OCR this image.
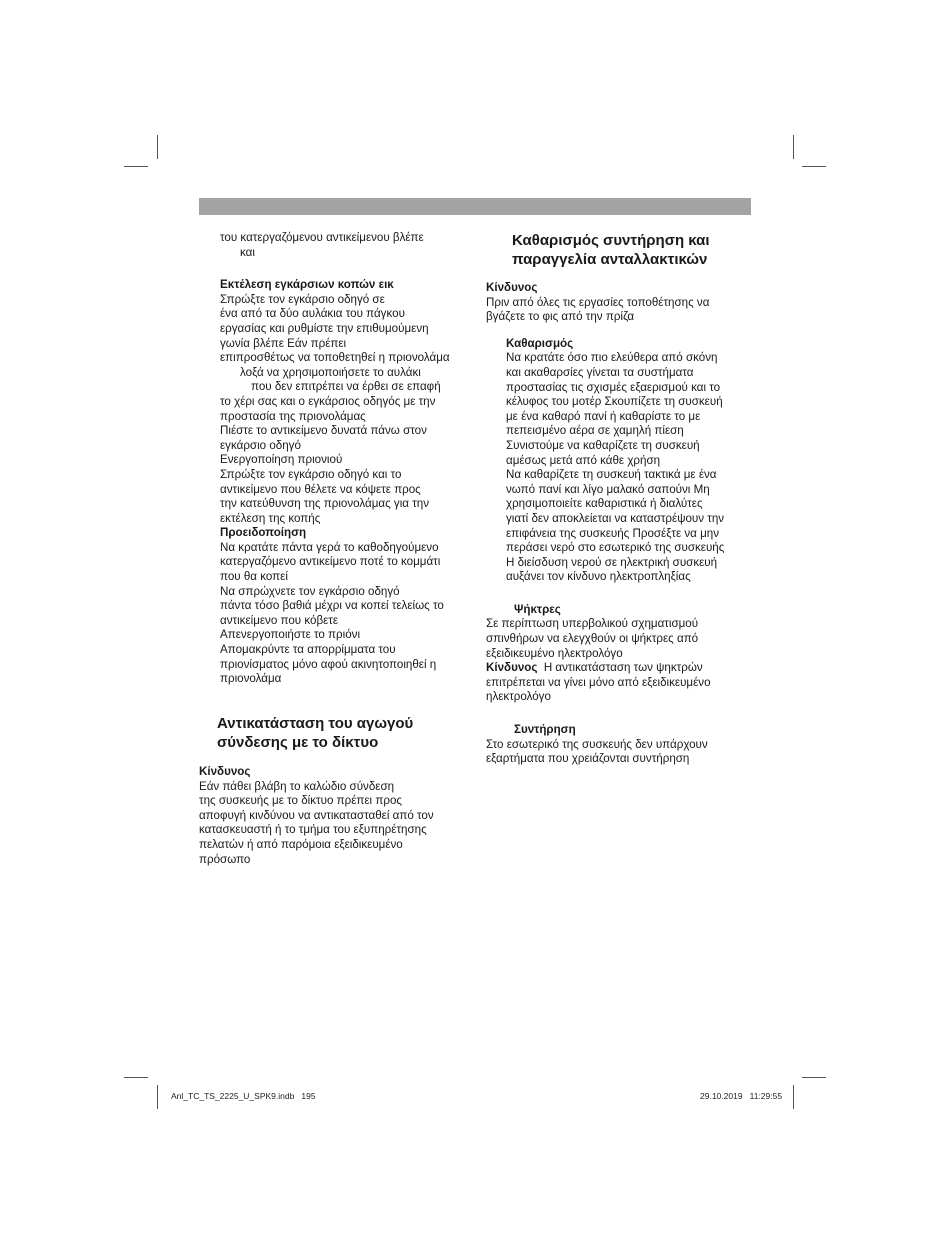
του κατεργαζόμενου αντικείμενου βλέπε

και

Εκτέλεση εγκάρσιων κοπών εικ

Σπρώξτε τον εγκάρσιο οδηγό σε

ένα από τα δύο αυλάκια του πάγκου

εργασίας και ρυθμίστε την επιθυμούμενη

γωνία βλέπε Εάν πρέπει

επιπροσθέτως να τοποθετηθεί η πριονολάμα

λοξά να χρησιμοποιήσετε το αυλάκι

που δεν επιτρέπει να έρθει σε επαφή

το χέρι σας και ο εγκάρσιος οδηγός με την

προστασία της πριονολάμας

Πιέστε το αντικείμενο δυνατά πάνω στον

εγκάρσιο οδηγό

Ενεργοποίηση πριονιού

Σπρώξτε τον εγκάρσιο οδηγό και το

αντικείμενο που θέλετε να κόψετε προς

την κατεύθυνση της πριονολάμας για την

εκτέλεση της κοπής

Προειδοποίηση

Να κρατάτε πάντα γερά το καθοδηγούμενο

κατεργαζόμενο αντικείμενο ποτέ το κομμάτι

που θα κοπεί

Να σπρώχνετε τον εγκάρσιο οδηγό

πάντα τόσο βαθιά μέχρι να κοπεί τελείως το

αντικείμενο που κόβετε

Απενεργοποιήστε το πριόνι

Απομακρύντε τα απορρίμματα του

πριονίσματος μόνο αφού ακινητοποιηθεί η

πριονολάμα

Αντικατάσταση του αγωγού

σύνδεσης με το δίκτυο

Κίνδυνος

Εάν πάθει βλάβη το καλώδιο σύνδεση

της συσκευής με το δίκτυο πρέπει προς

αποφυγή κινδύνου να αντικατασταθεί από τον

κατασκευαστή ή το τμήμα του εξυπηρέτησης

πελατών ή από παρόμοια εξειδικευμένο

πρόσωπο

Καθαρισμός συντήρηση και

παραγγελία ανταλλακτικών

Κίνδυνος

Πριν από όλες τις εργασίες τοποθέτησης να

βγάζετε το φις από την πρίζα

Καθαρισμός

Να κρατάτε όσο πιο ελεύθερα από σκόνη

και ακαθαρσίες γίνεται τα συστήματα

προστασίας τις σχισμές εξαερισμού και το

κέλυφος του μοτέρ Σκουπίζετε τη συσκευή

με ένα καθαρό πανί ή καθαρίστε το με

πεπεισμένο αέρα σε χαμηλή πίεση

Συνιστούμε να καθαρίζετε τη συσκευή

αμέσως μετά από κάθε χρήση

Να καθαρίζετε τη συσκευή τακτικά με ένα

νωπό πανί και λίγο μαλακό σαπούνι Μη

χρησιμοποιείτε καθαριστικά ή διαλύτες

γιατί δεν αποκλείεται να καταστρέψουν την

επιφάνεια της συσκευής Προσέξτε να μην

περάσει νερό στο εσωτερικό της συσκευής

Η διείσδυση νερού σε ηλεκτρική συσκευή

αυξάνει τον κίνδυνο ηλεκτροπληξίας

Ψήκτρες

Σε περίπτωση υπερβολικού σχηματισμού

σπινθήρων να ελεγχθούν οι ψήκτρες από

εξειδικευμένο ηλεκτρολόγο

Κίνδυνος  Η αντικατάσταση των ψηκτρών

επιτρέπεται να γίνει μόνο από εξειδικευμένο

ηλεκτρολόγο

Συντήρηση

Στο εσωτερικό της συσκευής δεν υπάρχουν

εξαρτήματα που χρειάζονται συντήρηση

Anl_TC_TS_2225_U_SPK9.indb   195	29.10.2019   11:29:55
